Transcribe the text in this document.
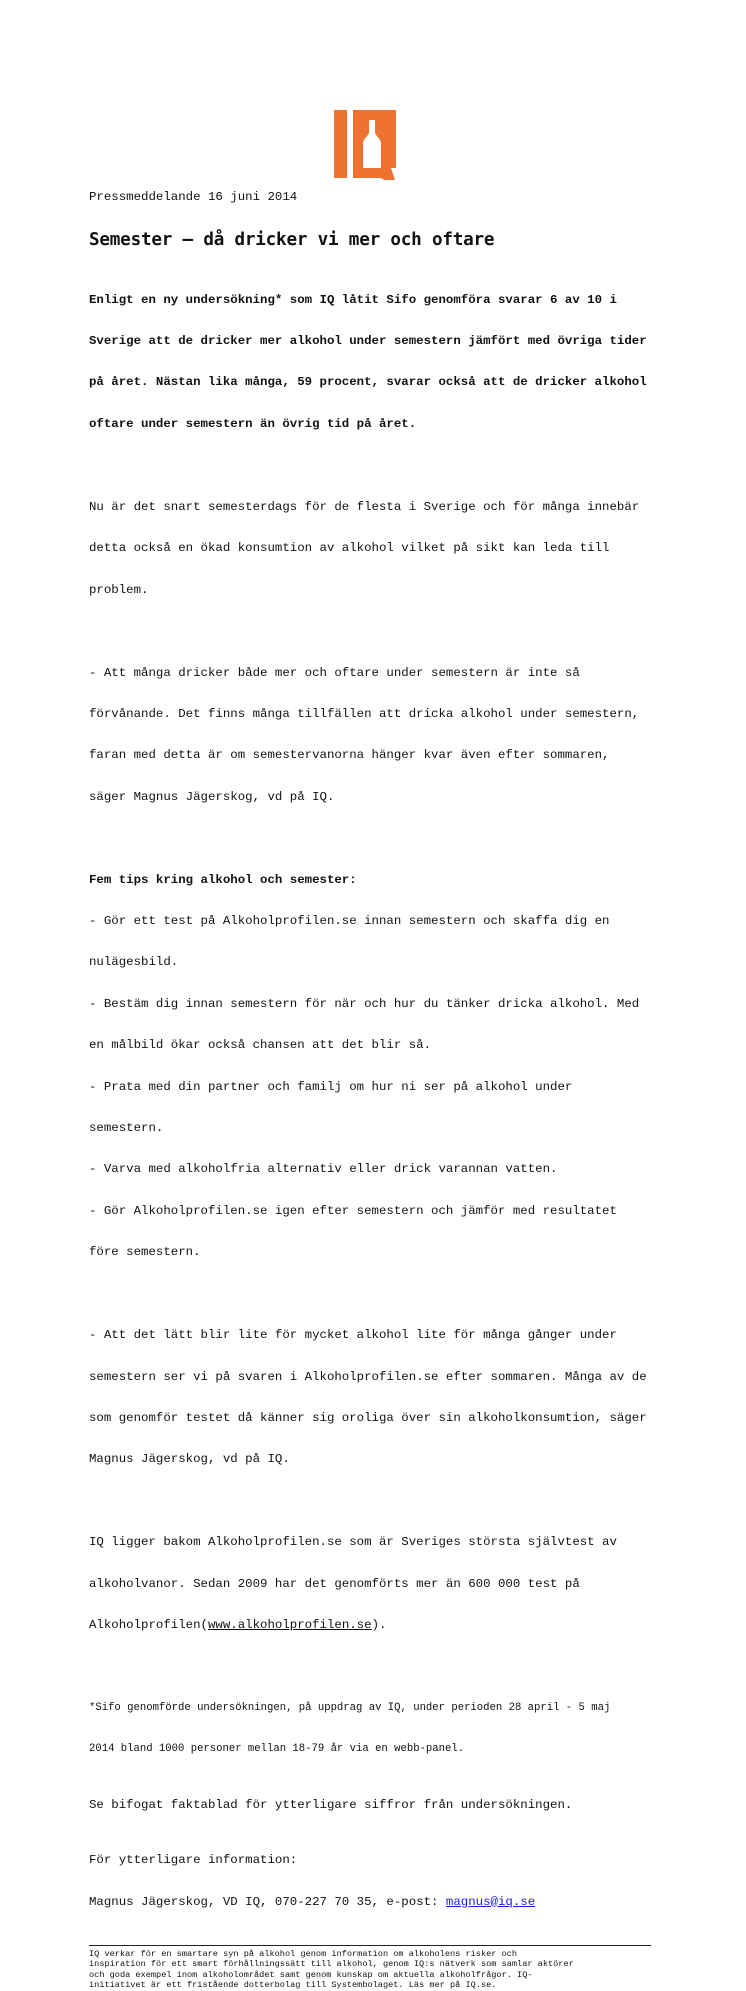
Pressmeddelande 16 juni 2014

Semester – då dricker vi mer och oftare

Enligt en ny undersökning* som IQ låtit Sifo genomföra svarar 6 av 10 i

Sverige att de dricker mer alkohol under semestern jämfört med övriga tider

på året. Nästan lika många, 59 procent, svarar också att de dricker alkohol

oftare under semestern än övrig tid på året.

Nu är det snart semesterdags för de flesta i Sverige och för många innebär

detta också en ökad konsumtion av alkohol vilket på sikt kan leda till

problem.

- Att många dricker både mer och oftare under semestern är inte så

förvånande. Det finns många tillfällen att dricka alkohol under semestern,

faran med detta är om semestervanorna hänger kvar även efter sommaren,

säger Magnus Jägerskog, vd på IQ.

Fem tips kring alkohol och semester:

- Gör ett test på Alkoholprofilen.se innan semestern och skaffa dig en

nulägesbild.

- Bestäm dig innan semestern för när och hur du tänker dricka alkohol. Med

en målbild ökar också chansen att det blir så.

- Prata med din partner och familj om hur ni ser på alkohol under

semestern.

- Varva med alkoholfria alternativ eller drick varannan vatten.

- Gör Alkoholprofilen.se igen efter semestern och jämför med resultatet

före semestern.

- Att det lätt blir lite för mycket alkohol lite för många gånger under

semestern ser vi på svaren i Alkoholprofilen.se efter sommaren. Många av de

som genomför testet då känner sig oroliga över sin alkoholkonsumtion, säger

Magnus Jägerskog, vd på IQ.

IQ ligger bakom Alkoholprofilen.se som är Sveriges största självtest av

alkoholvanor. Sedan 2009 har det genomförts mer än 600 000 test på

Alkoholprofilen(www.alkoholprofilen.se).

*Sifo genomförde undersökningen, på uppdrag av IQ, under perioden 28 april - 5 maj

2014 bland 1000 personer mellan 18-79 år via en webb-panel.

Se bifogat faktablad för ytterligare siffror från undersökningen.

För ytterligare information:

Magnus Jägerskog, VD IQ, 070-227 70 35, e-post: magnus@iq.se

IQ verkar för en smartare syn på alkohol genom information om alkoholens risker och
inspiration för ett smart förhållningssätt till alkohol, genom IQ:s nätverk som samlar aktörer
och goda exempel inom alkoholområdet samt genom kunskap om aktuella alkoholfrågor. IQ-
initiativet är ett fristående dotterbolag till Systembolaget. Läs mer på IQ.se.
